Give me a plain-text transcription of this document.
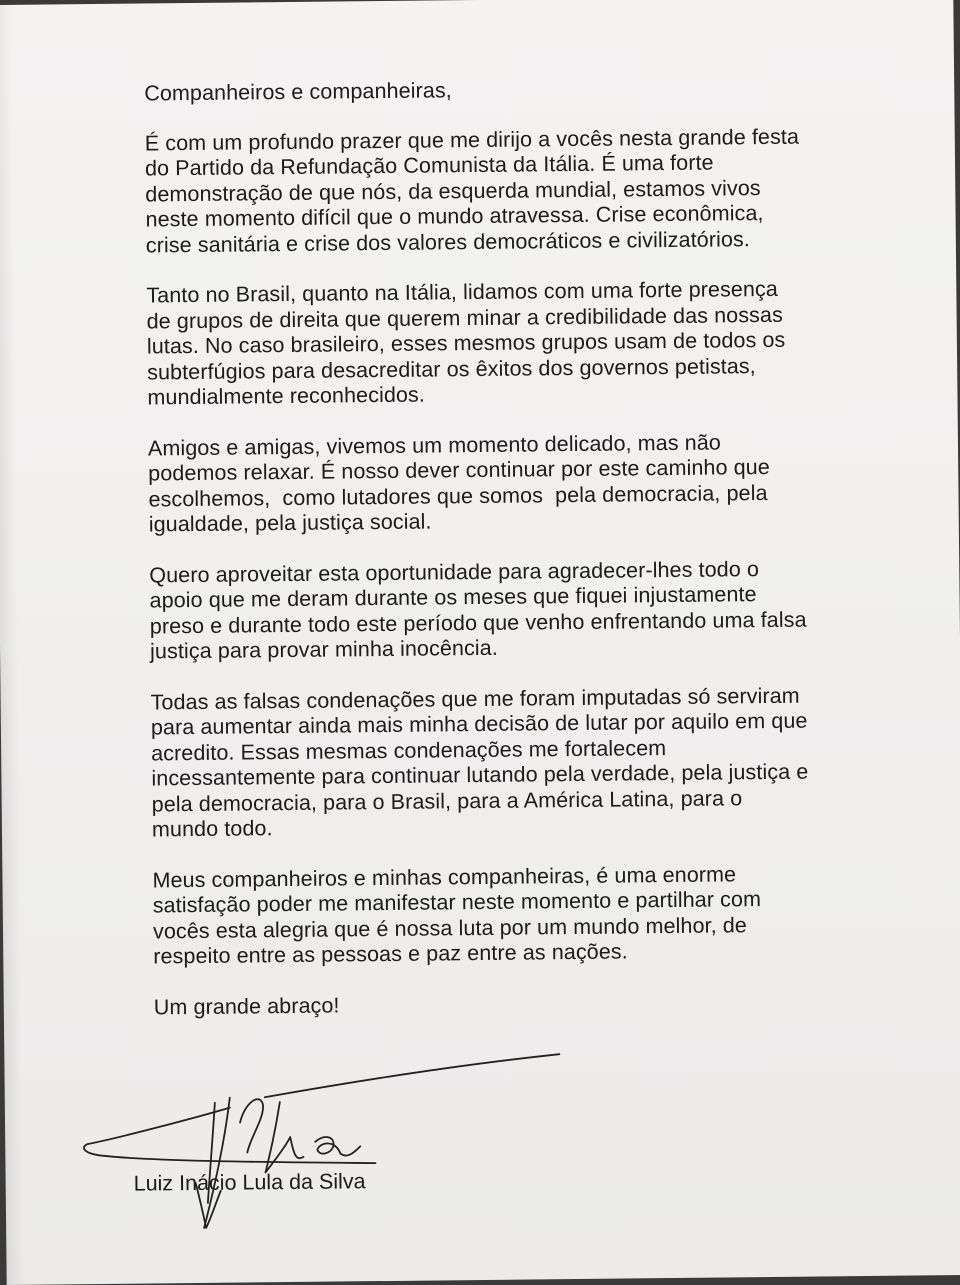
Companheiros e companheiras,

É com um profundo prazer que me dirijo a vocês nesta grande festa
do Partido da Refundação Comunista da Itália. É uma forte
demonstração de que nós, da esquerda mundial, estamos vivos
neste momento difícil que o mundo atravessa. Crise econômica,
crise sanitária e crise dos valores democráticos e civilizatórios.

Tanto no Brasil, quanto na Itália, lidamos com uma forte presença
de grupos de direita que querem minar a credibilidade das nossas
lutas. No caso brasileiro, esses mesmos grupos usam de todos os
subterfúgios para desacreditar os êxitos dos governos petistas,
mundialmente reconhecidos.

Amigos e amigas, vivemos um momento delicado, mas não
podemos relaxar. É nosso dever continuar por este caminho que
escolhemos,  como lutadores que somos  pela democracia, pela
igualdade, pela justiça social.

Quero aproveitar esta oportunidade para agradecer-lhes todo o
apoio que me deram durante os meses que fiquei injustamente
preso e durante todo este período que venho enfrentando uma falsa
justiça para provar minha inocência.

Todas as falsas condenações que me foram imputadas só serviram
para aumentar ainda mais minha decisão de lutar por aquilo em que
acredito. Essas mesmas condenações me fortalecem
incessantemente para continuar lutando pela verdade, pela justiça e
pela democracia, para o Brasil, para a América Latina, para o
mundo todo.

Meus companheiros e minhas companheiras, é uma enorme
satisfação poder me manifestar neste momento e partilhar com
vocês esta alegria que é nossa luta por um mundo melhor, de
respeito entre as pessoas e paz entre as nações.

Um grande abraço!

Luiz Inácio Lula da Silva
